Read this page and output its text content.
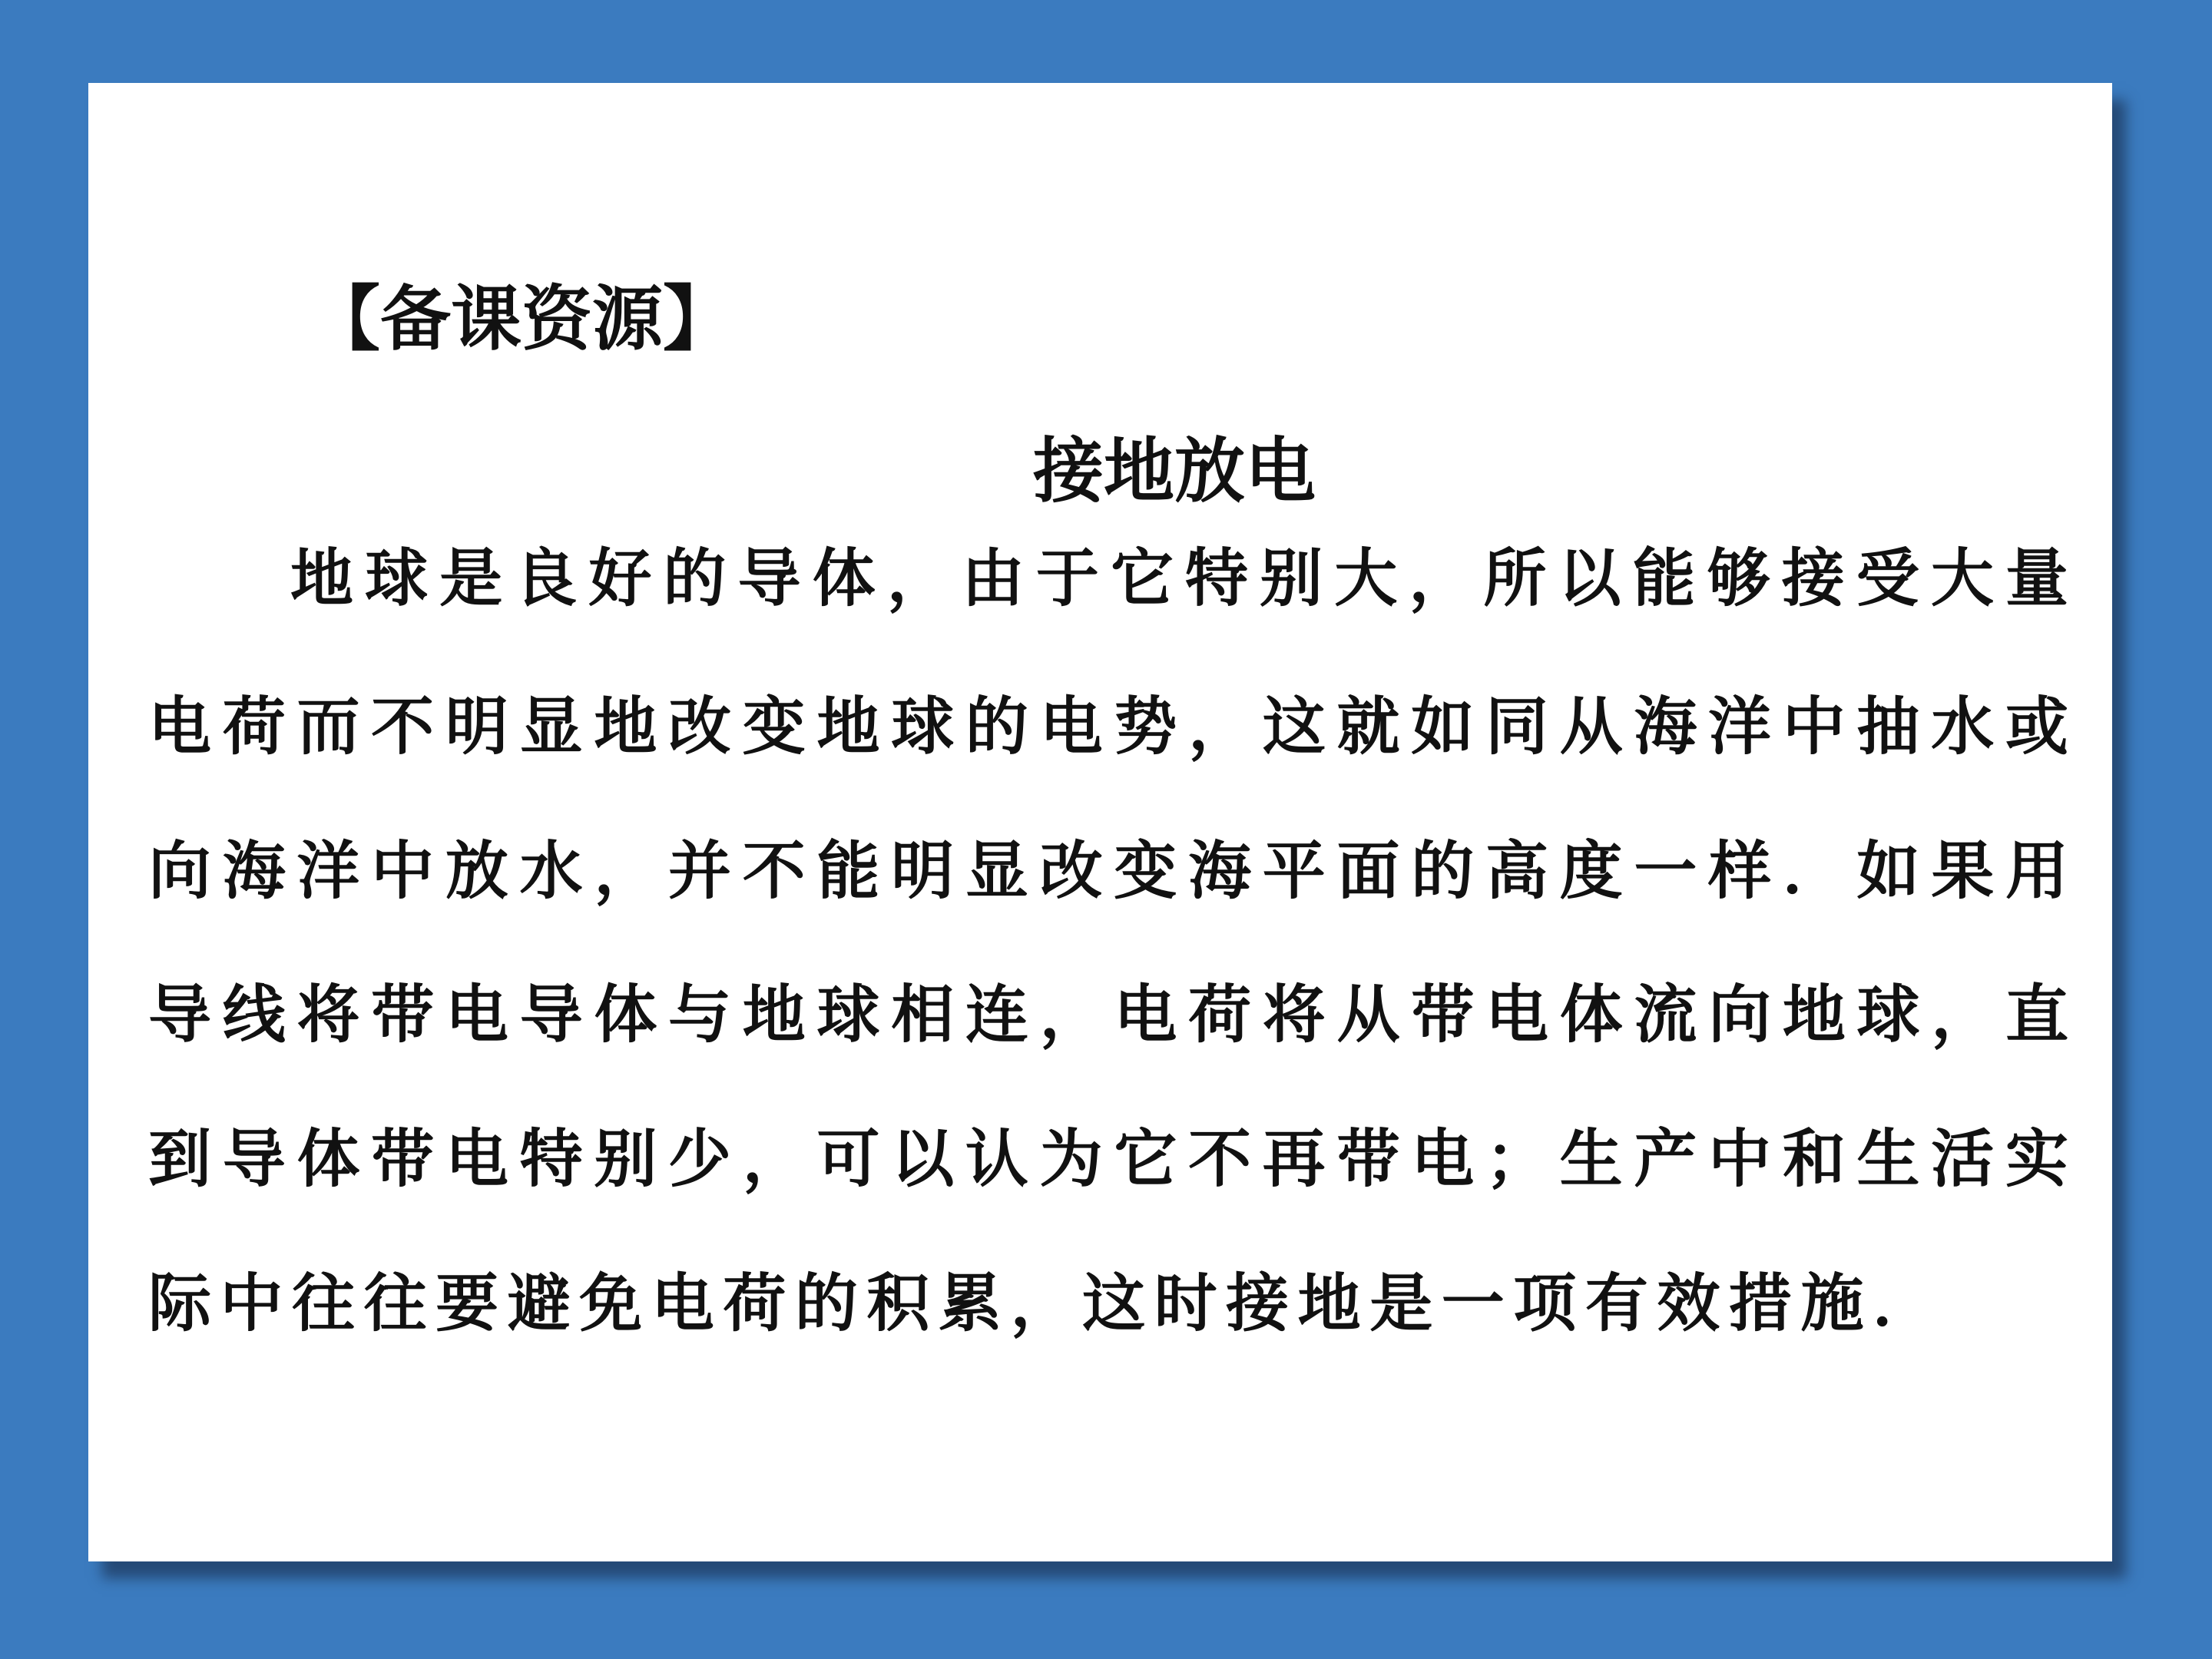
【备课资源】
接地放电
地球是良好的导体，由于它特别大，所以能够接受大量
电荷而不明显地改变地球的电势，这就如同从海洋中抽水或
向海洋中放水，并不能明显改变海平面的高度一样．如果用
导线将带电导体与地球相连，电荷将从带电体流向地球，直
到导体带电特别少，可以认为它不再带电；生产中和生活实
际中往往要避免电荷的积累，这时接地是一项有效措施．
